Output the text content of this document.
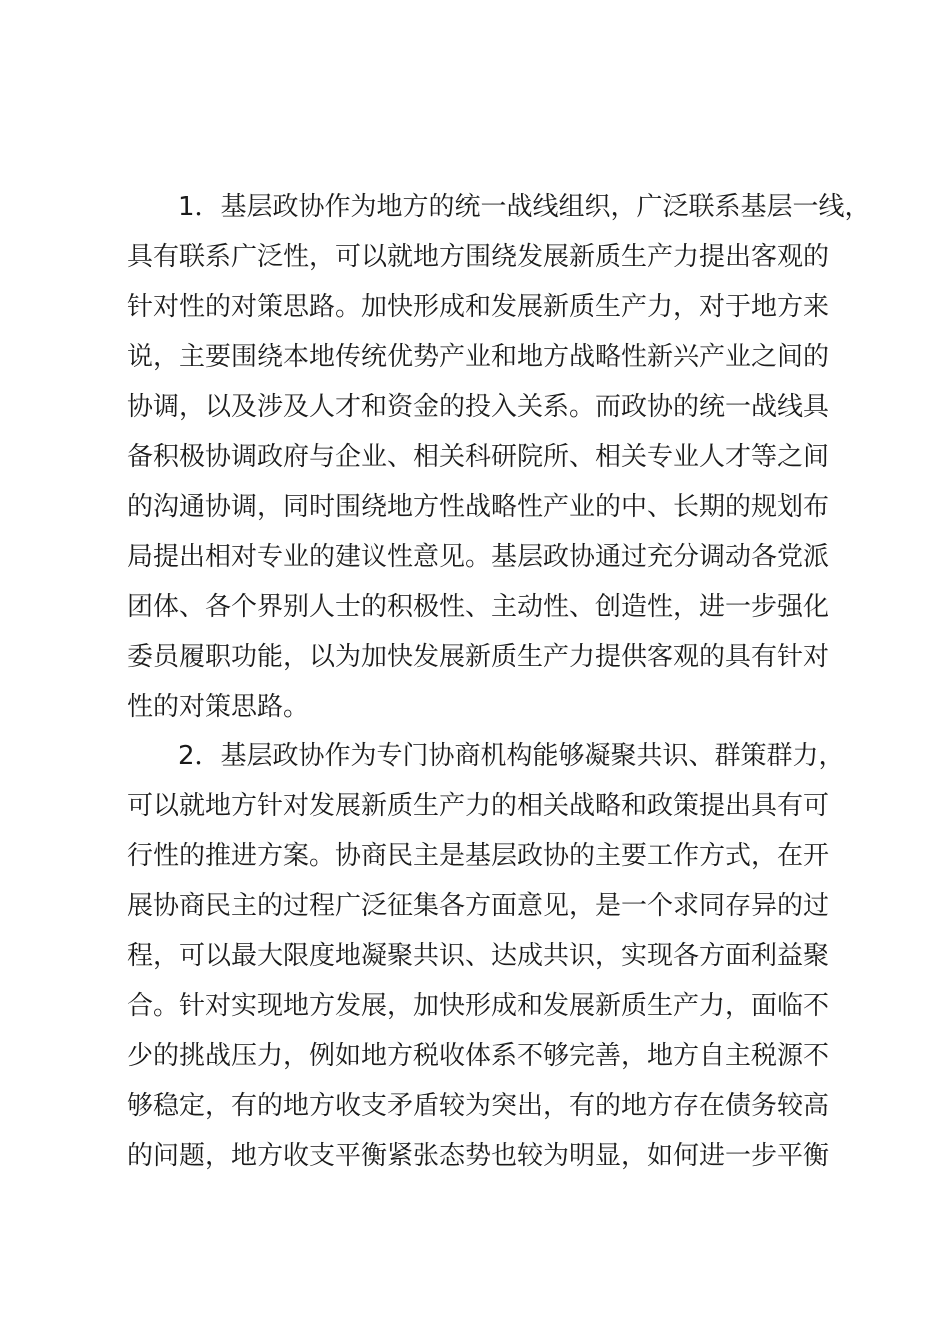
1．基层政协作为地方的统一战线组织，广泛联系基层一线，
具有联系广泛性，可以就地方围绕发展新质生产力提出客观的
针对性的对策思路。加快形成和发展新质生产力，对于地方来
说，主要围绕本地传统优势产业和地方战略性新兴产业之间的
协调，以及涉及人才和资金的投入关系。而政协的统一战线具
备积极协调政府与企业、相关科研院所、相关专业人才等之间
的沟通协调，同时围绕地方性战略性产业的中、长期的规划布
局提出相对专业的建议性意见。基层政协通过充分调动各党派
团体、各个界别人士的积极性、主动性、创造性，进一步强化
委员履职功能，以为加快发展新质生产力提供客观的具有针对
性的对策思路。
2．基层政协作为专门协商机构能够凝聚共识、群策群力，
可以就地方针对发展新质生产力的相关战略和政策提出具有可
行性的推进方案。协商民主是基层政协的主要工作方式，在开
展协商民主的过程广泛征集各方面意见，是一个求同存异的过
程，可以最大限度地凝聚共识、达成共识，实现各方面利益聚
合。针对实现地方发展，加快形成和发展新质生产力，面临不
少的挑战压力，例如地方税收体系不够完善，地方自主税源不
够稳定，有的地方收支矛盾较为突出，有的地方存在债务较高
的问题，地方收支平衡紧张态势也较为明显，如何进一步平衡
